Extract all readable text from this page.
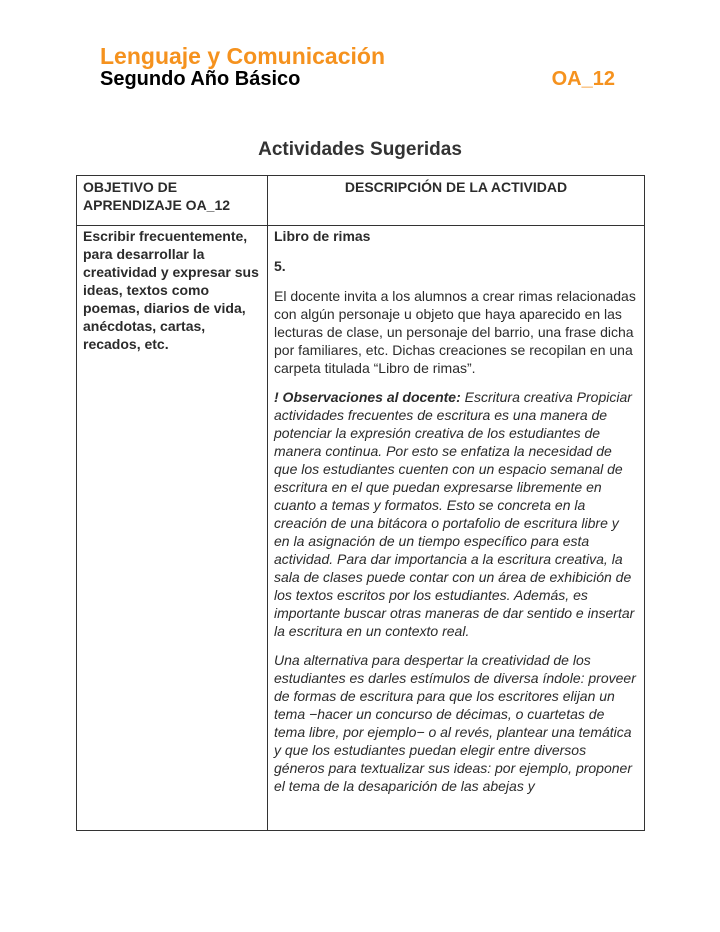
Lenguaje y Comunicación
Segundo Año Básico	OA_12
Actividades Sugeridas
OBJETIVO DE APRENDIZAJE OA_12	DESCRIPCIÓN DE LA ACTIVIDAD
Escribir frecuentemente, para desarrollar la creatividad y expresar sus ideas, textos como poemas, diarios de vida, anécdotas, cartas, recados, etc.	Libro de rimas

5.

El docente invita a los alumnos a crear rimas relacionadas con algún personaje u objeto que haya aparecido en las lecturas de clase, un personaje del barrio, una frase dicha por familiares, etc. Dichas creaciones se recopilan en una carpeta titulada “Libro de rimas”.

! Observaciones al docente: Escritura creativa Propiciar actividades frecuentes de escritura es una manera de potenciar la expresión creativa de los estudiantes de manera continua. Por esto se enfatiza la necesidad de que los estudiantes cuenten con un espacio semanal de escritura en el que puedan expresarse libremente en cuanto a temas y formatos. Esto se concreta en la creación de una bitácora o portafolio de escritura libre y en la asignación de un tiempo específico para esta actividad. Para dar importancia a la escritura creativa, la sala de clases puede contar con un área de exhibición de los textos escritos por los estudiantes. Además, es importante buscar otras maneras de dar sentido e insertar la escritura en un contexto real.

Una alternativa para despertar la creatividad de los estudiantes es darles estímulos de diversa índole: proveer de formas de escritura para que los escritores elijan un tema −hacer un concurso de décimas, o cuartetas de tema libre, por ejemplo− o al revés, plantear una temática y que los estudiantes puedan elegir entre diversos géneros para textualizar sus ideas: por ejemplo, proponer el tema de la desaparición de las abejas y
